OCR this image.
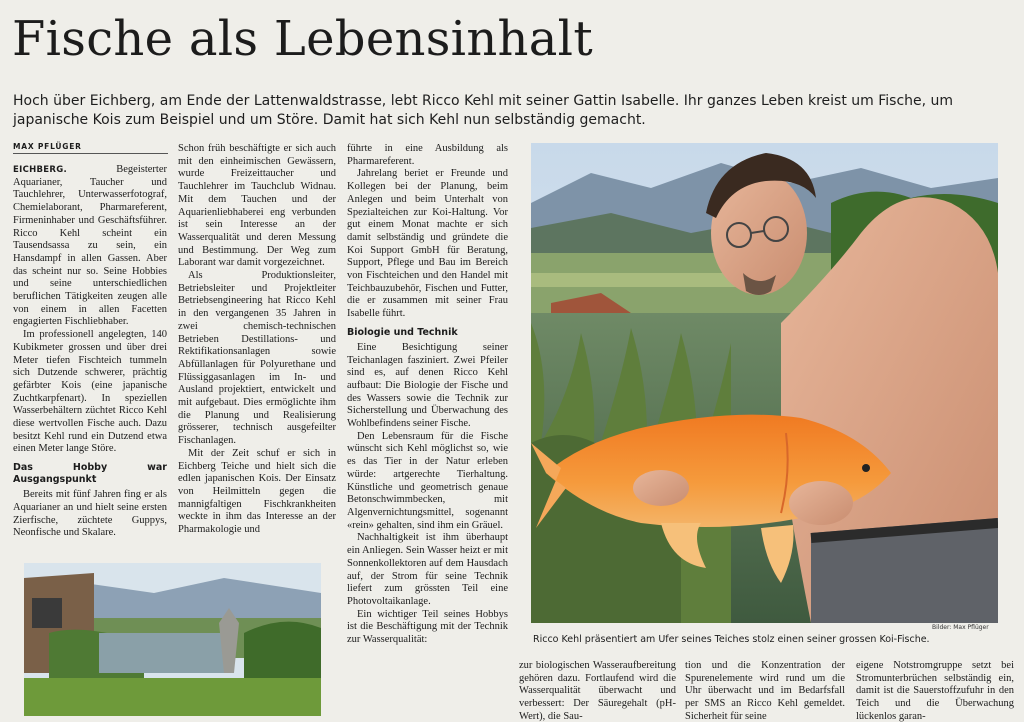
Fische als Lebensinhalt
Hoch über Eichberg, am Ende der Lattenwaldstrasse, lebt Ricco Kehl mit seiner Gattin Isabelle. Ihr ganzes Leben kreist um Fische, um japanische Kois zum Beispiel und um Störe. Damit hat sich Kehl nun selbständig gemacht.
MAX PFLÜGER

EICHBERG.	Begeisterter Aquarianer, Taucher und Tauchlehrer, Unterwasserfotograf, Chemielaborant, Pharmareferent, Firmeninhaber und Geschäftsführer. Ricco Kehl scheint ein Tausendsassa zu sein, ein Hansdampf in allen Gassen. Aber das scheint nur so. Seine Hobbies und seine unterschiedlichen beruflichen Tätigkeiten zeugen alle von einem in allen Facetten engagierten Fischliebhaber.

Im professionell angelegten, 140 Kubikmeter grossen und über drei Meter tiefen Fischteich tummeln sich Dutzende schwerer, prächtig gefärbter Kois (eine japanische Zuchtkarpfenart). In speziellen Wasserbehältern züchtet Ricco Kehl diese wertvollen Fische auch. Dazu besitzt Kehl rund ein Dutzend etwa einen Meter lange Störe.

Das Hobby war Ausgangspunkt

Bereits mit fünf Jahren fing er als Aquarianer an und hielt seine ersten Zierfische, züchtete Guppys, Neonfische und Skalare.

Schon früh beschäftigte er sich auch mit den einheimischen Gewässern, wurde Freizeittaucher und Tauchlehrer im Tauchclub Widnau. Mit dem Tauchen und der Aquarienliebhaberei eng verbunden ist sein Interesse an der Wasserqualität und deren Messung und Bestimmung. Der Weg zum Laborant war damit vorgezeichnet.

Als Produktionsleiter, Betriebsleiter und Projektleiter Betriebsengineering hat Ricco Kehl in den vergangenen 35 Jahren in zwei chemisch-technischen Betrieben Destillations- und Rektifikationsanlagen sowie Abfüllanlagen für Polyurethane und Flüssiggasanlagen im In- und Ausland projektiert, entwickelt und mit aufgebaut. Dies ermöglichte ihm die Planung und Realisierung grösserer, technisch ausgefeilter Fischanlagen.

Mit der Zeit schuf er sich in Eichberg Teiche und hielt sich die edlen japanischen Kois. Der Einsatz von Heilmitteln gegen die mannigfaltigen Fischkrankheiten weckte in ihm das Interesse an der Pharmakologie und

führte in eine Ausbildung als Pharmareferent.

Jahrelang beriet er Freunde und Kollegen bei der Planung, beim Anlegen und beim Unterhalt von Spezialteichen zur Koi-Haltung. Vor gut einem Monat machte er sich damit selbständig und gründete die Koi Support GmbH für Beratung, Support, Pflege und Bau im Bereich von Fischteichen und den Handel mit Teichbauzubehör, Fischen und Futter, die er zusammen mit seiner Frau Isabelle führt.

Biologie und Technik

Eine Besichtigung seiner Teichanlagen fasziniert. Zwei Pfeiler sind es, auf denen Ricco Kehl aufbaut: Die Biologie der Fische und des Wassers sowie die Technik zur Sicherstellung und Überwachung des Wohlbefindens seiner Fische.

Den Lebensraum für die Fische wünscht sich Kehl möglichst so, wie es das Tier in der Natur erleben würde: artgerechte Tierhaltung. Künstliche und geometrisch genaue Betonschwimmbecken, mit Algenvernichtungsmittel, sogenannt «rein» gehalten, sind ihm ein Gräuel.

Nachhaltigkeit ist ihm überhaupt ein Anliegen. Sein Wasser heizt er mit Sonnenkollektoren auf dem Hausdach auf, der Strom für seine Technik liefert zum grössten Teil eine Photovoltaikanlage.

Ein wichtiger Teil seines Hobbys ist die Beschäftigung mit der Technik zur Wasserqualität:

Bilder: Max Pflüger
Ricco Kehl präsentiert am Ufer seines Teiches stolz einen seiner grossen Koi-Fische.

zur biologischen Wasseraufbereitung gehören dazu. Fortlaufend wird die Wasserqualität überwacht und verbessert: Der Säuregehalt (pH-Wert), die Sau-

tion und die Konzentration der Spurenelemente wird rund um die Uhr überwacht und im Bedarfsfall per SMS an Ricco Kehl gemeldet. Sicherheit für seine

eigene Notstromgruppe setzt bei Stromunterbrüchen selbständig ein, damit ist die Sauerstoffzufuhr in den Teich und die Überwachung lückenlos garan-
